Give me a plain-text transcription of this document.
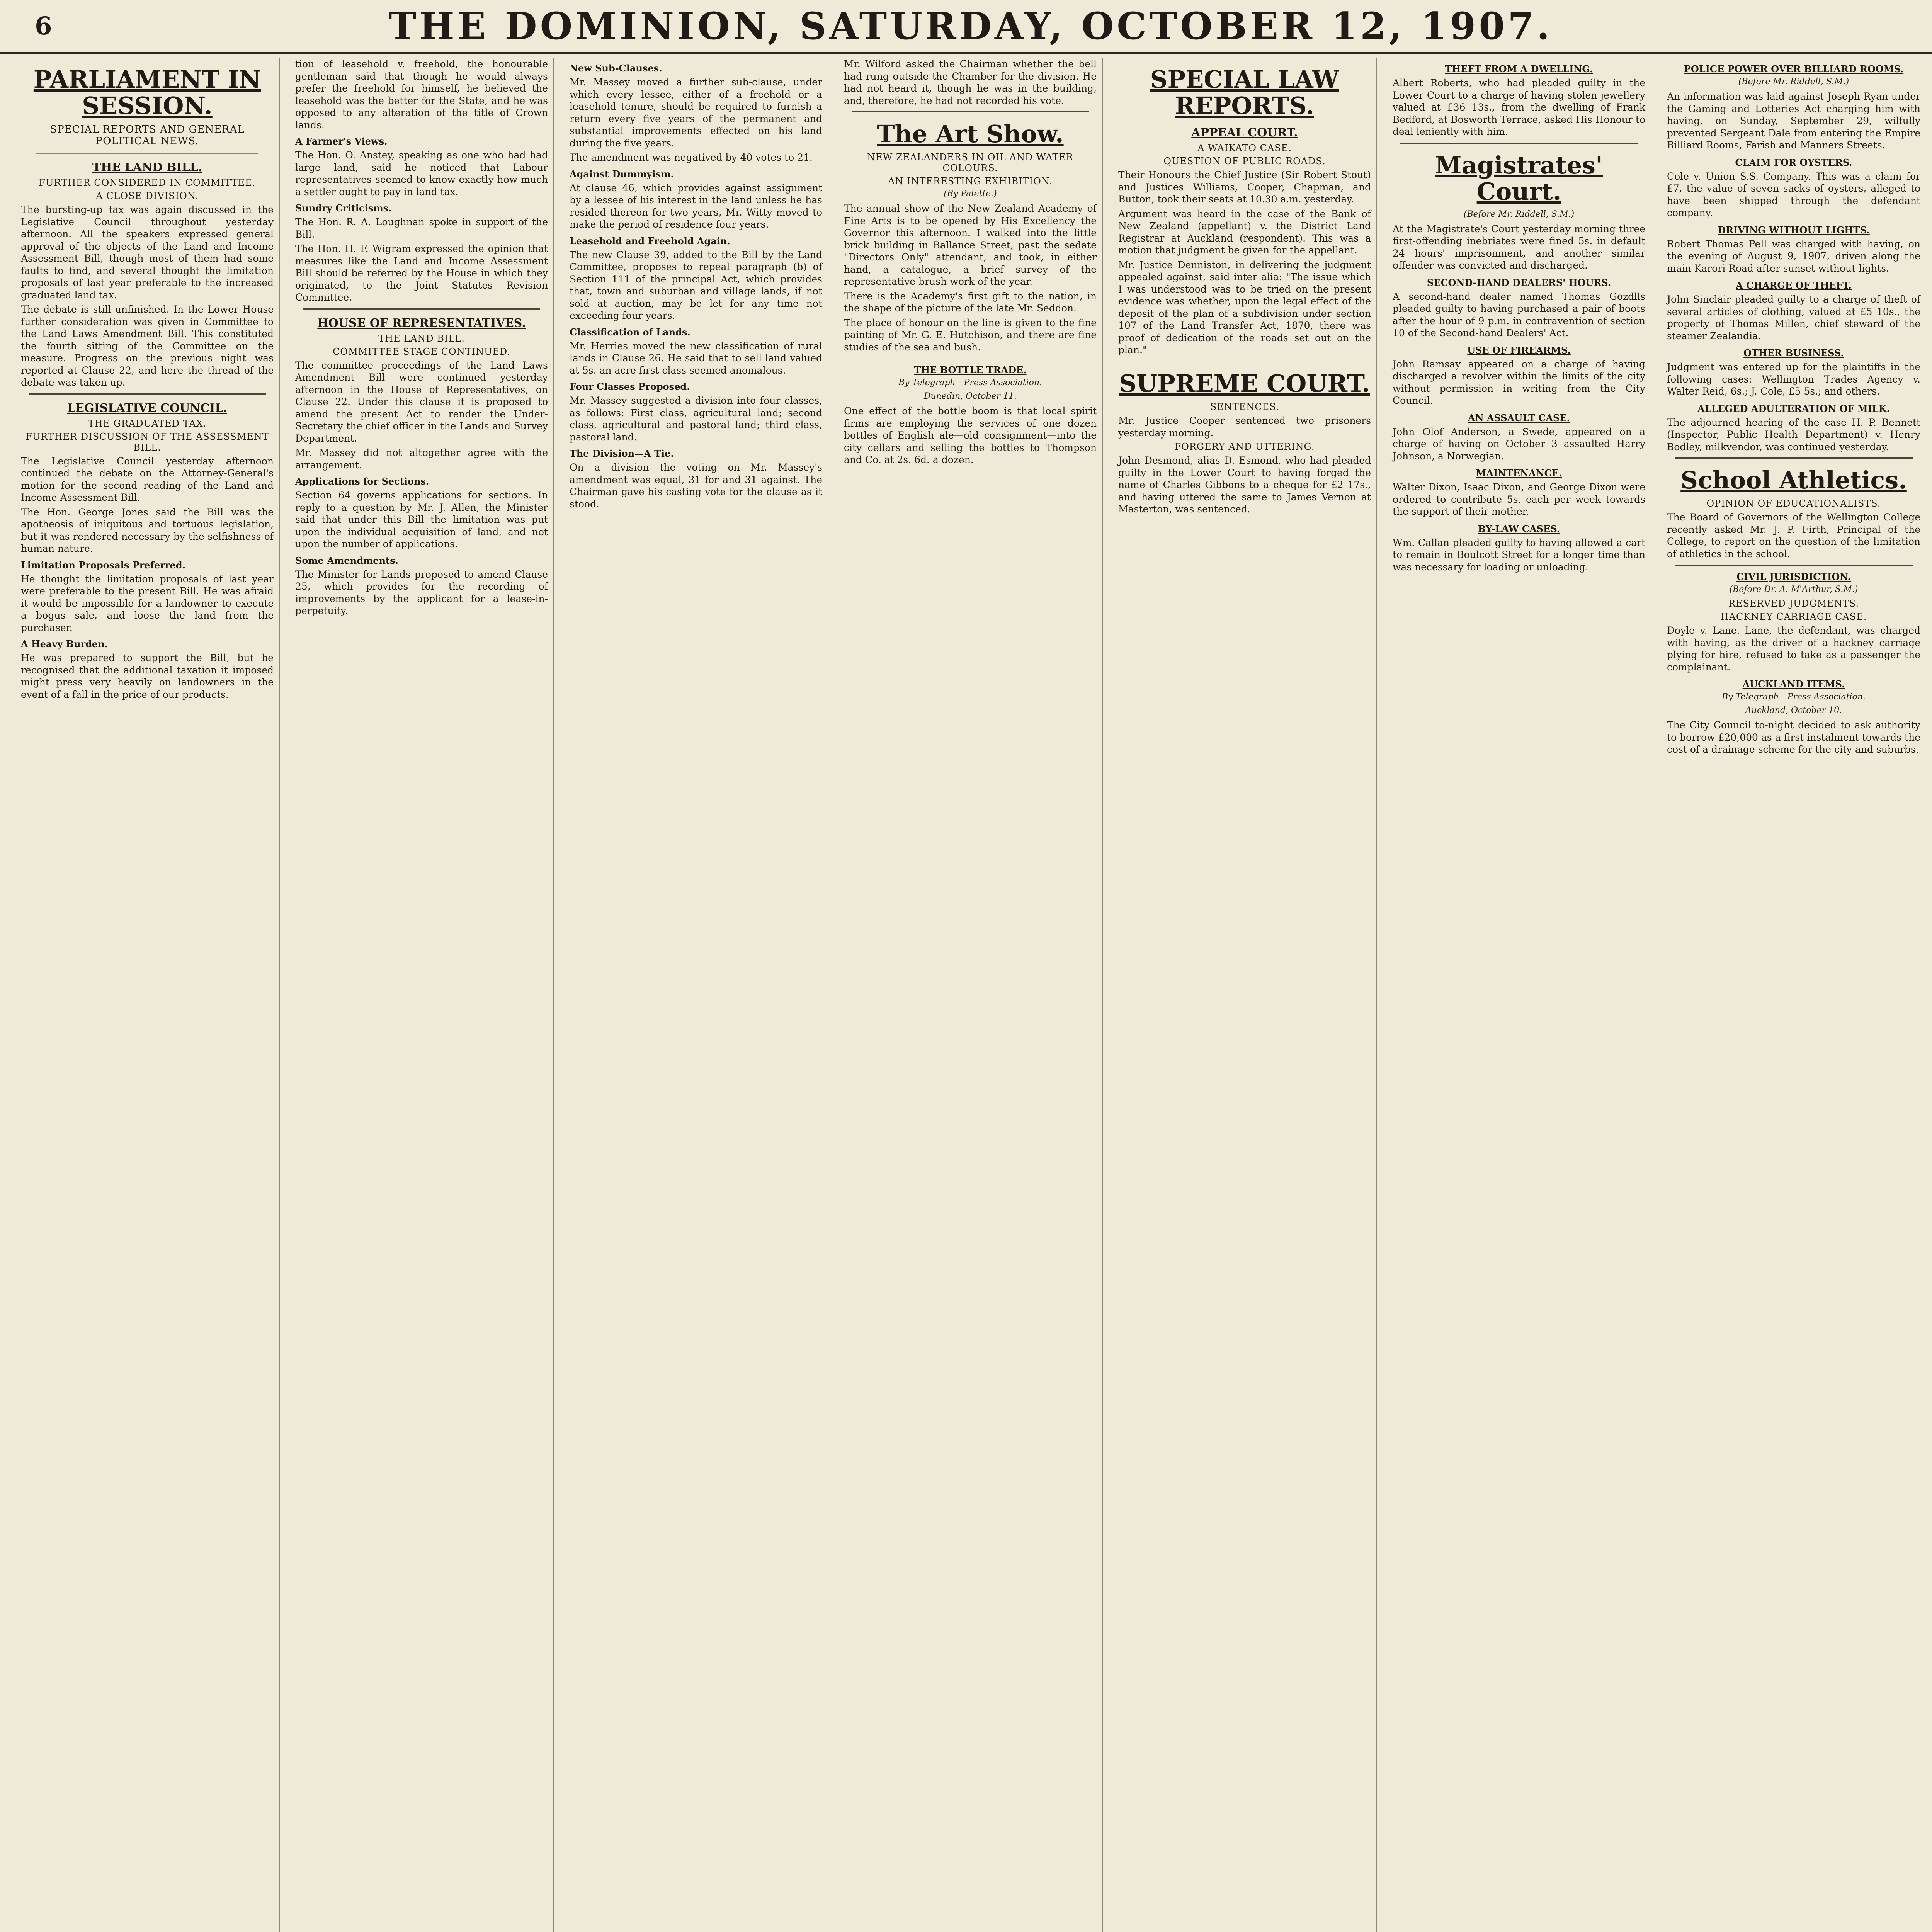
6	THE DOMINION, SATURDAY, OCTOBER 12, 1907.
PARLIAMENT IN SESSION.
SPECIAL REPORTS AND GENERAL POLITICAL NEWS.
THE LAND BILL.
FURTHER CONSIDERED IN COMMITTEE.
A CLOSE DIVISION.

The bursting-up tax was again discussed in the Legislative Council throughout yesterday afternoon. All the speakers expressed general approval of the objects of the Land and Income Assessment Bill, though most of them had some faults to find, and several thought the limitation proposals of last year preferable to the increased graduated land tax.

The debate is still unfinished. In the Lower House further consideration was given in Committee to the Land Laws Amendment Bill. This constituted the fourth sitting of the Committee on the measure. Progress on the previous night was reported at Clause 22, and here the thread of the debate was taken up.

LEGISLATIVE COUNCIL.
THE GRADUATED TAX.
FURTHER DISCUSSION OF THE ASSESSMENT BILL.

The Legislative Council yesterday afternoon continued the debate on the Attorney-General's motion for the second reading of the Land and Income Assessment Bill.

The Hon. George Jones said the Bill was the apotheosis of iniquitous and tortuous legislation, but it was rendered necessary by the selfishness of human nature.

Limitation Proposals Preferred.

He thought the limitation proposals of last year were preferable to the present Bill. He was afraid it would be impossible for a landowner to execute a bogus sale, and loose the land from the purchaser.

A Heavy Burden.

He was prepared to support the Bill, but he recognised that the additional taxation it imposed might press very heavily on landowners in the event of a fall in the price of our products.

tion of leasehold v. freehold, the honourable gentleman said that though he would always prefer the freehold for himself, he believed the leasehold was the better for the State, and he was opposed to any alteration of the title of Crown lands.

A Farmer's Views.

The Hon. O. Anstey, speaking as one who had had large land, said he noticed that Labour representatives seemed to know exactly how much a settler ought to pay in land tax.

Sundry Criticisms.

The Hon. R. A. Loughnan spoke in support of the Bill.

The Hon. H. F. Wigram expressed the opinion that measures like the Land and Income Assessment Bill should be referred by the House in which they originated, to the Joint Statutes Revision Committee.

HOUSE OF REPRESENTATIVES.
THE LAND BILL.
COMMITTEE STAGE CONTINUED.

The committee proceedings of the Land Laws Amendment Bill were continued yesterday afternoon in the House of Representatives, on Clause 22. Under this clause it is proposed to amend the present Act to render the Under-Secretary the chief officer in the Lands and Survey Department.

Mr. Massey did not altogether agree with the arrangement.

Applications for Sections.

Section 64 governs applications for sections. In reply to a question by Mr. J. Allen, the Minister said that under this Bill the limitation was put upon the individual acquisition of land, and not upon the number of applications.

Some Amendments.

The Minister for Lands proposed to amend Clause 25, which provides for the recording of improvements by the applicant for a lease-in-perpetuity.

New Sub-Clauses.

Mr. Massey moved a further sub-clause, under which every lessee, either of a freehold or a leasehold tenure, should be required to furnish a return every five years of the permanent and substantial improvements effected on his land during the five years.

The amendment was negatived by 40 votes to 21.

Against Dummyism.

At clause 46, which provides against assignment by a lessee of his interest in the land unless he has resided thereon for two years, Mr. Witty moved to make the period of residence four years.

Leasehold and Freehold Again.

The new Clause 39, added to the Bill by the Land Committee, proposes to repeal paragraph (b) of Section 111 of the principal Act, which provides that, town and suburban and village lands, if not sold at auction, may be let for any time not exceeding four years.

Classification of Lands.

Mr. Herries moved the new classification of rural lands in Clause 26. He said that to sell land valued at 5s. an acre first class seemed anomalous.

Four Classes Proposed.

Mr. Massey suggested a division into four classes, as follows: First class, agricultural land; second class, agricultural and pastoral land; third class, pastoral land.

The Division—A Tie.

On a division the voting on Mr. Massey's amendment was equal, 31 for and 31 against. The Chairman gave his casting vote for the clause as it stood.

Mr. Wilford asked the Chairman whether the bell had rung outside the Chamber for the division. He had not heard it, though he was in the building, and, therefore, he had not recorded his vote.

The Art Show.
NEW ZEALANDERS IN OIL AND WATER COLOURS.
AN INTERESTING EXHIBITION.
(By Palette.)

The annual show of the New Zealand Academy of Fine Arts is to be opened by His Excellency the Governor this afternoon. I walked into the little brick building in Ballance Street, past the sedate "Directors Only" attendant, and took, in either hand, a catalogue, a brief survey of the representative brush-work of the year.

There is the Academy's first gift to the nation, in the shape of the picture of the late Mr. Seddon.

The place of honour on the line is given to the fine painting of Mr. G. E. Hutchison, and there are fine studies of the sea and bush.

THE BOTTLE TRADE.
By Telegraph—Press Association.
Dunedin, October 11.

One effect of the bottle boom is that local spirit firms are employing the services of one dozen bottles of English ale—old consignment—into the city cellars and selling the bottles to Thompson and Co. at 2s. 6d. a dozen.

SPECIAL LAW REPORTS.
APPEAL COURT.
A WAIKATO CASE.
QUESTION OF PUBLIC ROADS.

Their Honours the Chief Justice (Sir Robert Stout) and Justices Williams, Cooper, Chapman, and Button, took their seats at 10.30 a.m. yesterday.

Argument was heard in the case of the Bank of New Zealand (appellant) v. the District Land Registrar at Auckland (respondent). This was a motion that judgment be given for the appellant.

Mr. Justice Denniston, in delivering the judgment appealed against, said inter alia: "The issue which I was understood was to be tried on the present evidence was whether, upon the legal effect of the deposit of the plan of a subdivision under section 107 of the Land Transfer Act, 1870, there was proof of dedication of the roads set out on the plan."

SUPREME COURT.
SENTENCES.

Mr. Justice Cooper sentenced two prisoners yesterday morning.

FORGERY AND UTTERING.

John Desmond, alias D. Esmond, who had pleaded guilty in the Lower Court to having forged the name of Charles Gibbons to a cheque for £2 17s., and having uttered the same to James Vernon at Masterton, was sentenced.

THEFT FROM A DWELLING.

Albert Roberts, who had pleaded guilty in the Lower Court to a charge of having stolen jewellery valued at £36 13s., from the dwelling of Frank Bedford, at Bosworth Terrace, asked His Honour to deal leniently with him.

Magistrates' Court.
(Before Mr. Riddell, S.M.)

At the Magistrate's Court yesterday morning three first-offending inebriates were fined 5s. in default 24 hours' imprisonment, and another similar offender was convicted and discharged.

SECOND-HAND DEALERS' HOURS.

A second-hand dealer named Thomas Gozdlls pleaded guilty to having purchased a pair of boots after the hour of 9 p.m. in contravention of section 10 of the Second-hand Dealers' Act.

USE OF FIREARMS.

John Ramsay appeared on a charge of having discharged a revolver within the limits of the city without permission in writing from the City Council.

AN ASSAULT CASE.

John Olof Anderson, a Swede, appeared on a charge of having on October 3 assaulted Harry Johnson, a Norwegian.

MAINTENANCE.

Walter Dixon, Isaac Dixon, and George Dixon were ordered to contribute 5s. each per week towards the support of their mother.

BY-LAW CASES.

Wm. Callan pleaded guilty to having allowed a cart to remain in Boulcott Street for a longer time than was necessary for loading or unloading.

POLICE POWER OVER BILLIARD ROOMS.
(Before Mr. Riddell, S.M.)

An information was laid against Joseph Ryan under the Gaming and Lotteries Act charging him with having, on Sunday, September 29, wilfully prevented Sergeant Dale from entering the Empire Billiard Rooms, Farish and Manners Streets.

CLAIM FOR OYSTERS.

Cole v. Union S.S. Company. This was a claim for £7, the value of seven sacks of oysters, alleged to have been shipped through the defendant company.

DRIVING WITHOUT LIGHTS.

Robert Thomas Pell was charged with having, on the evening of August 9, 1907, driven along the main Karori Road after sunset without lights.

A CHARGE OF THEFT.

John Sinclair pleaded guilty to a charge of theft of several articles of clothing, valued at £5 10s., the property of Thomas Millen, chief steward of the steamer Zealandia.

OTHER BUSINESS.

Judgment was entered up for the plaintiffs in the following cases: Wellington Trades Agency v. Walter Reid, 6s.; J. Cole, £5 5s.; and others.

ALLEGED ADULTERATION OF MILK.

The adjourned hearing of the case H. P. Bennett (Inspector, Public Health Department) v. Henry Bodley, milkvendor, was continued yesterday.

School Athletics.
OPINION OF EDUCATIONALISTS.

The Board of Governors of the Wellington College recently asked Mr. J. P. Firth, Principal of the College, to report on the question of the limitation of athletics in the school.

CIVIL JURISDICTION.
(Before Dr. A. M'Arthur, S.M.)
RESERVED JUDGMENTS.
HACKNEY CARRIAGE CASE.

Doyle v. Lane. Lane, the defendant, was charged with having, as the driver of a hackney carriage plying for hire, refused to take as a passenger the complainant.

AUCKLAND ITEMS.
By Telegraph—Press Association.
Auckland, October 10.

The City Council to-night decided to ask authority to borrow £20,000 as a first instalment towards the cost of a drainage scheme for the city and suburbs.
